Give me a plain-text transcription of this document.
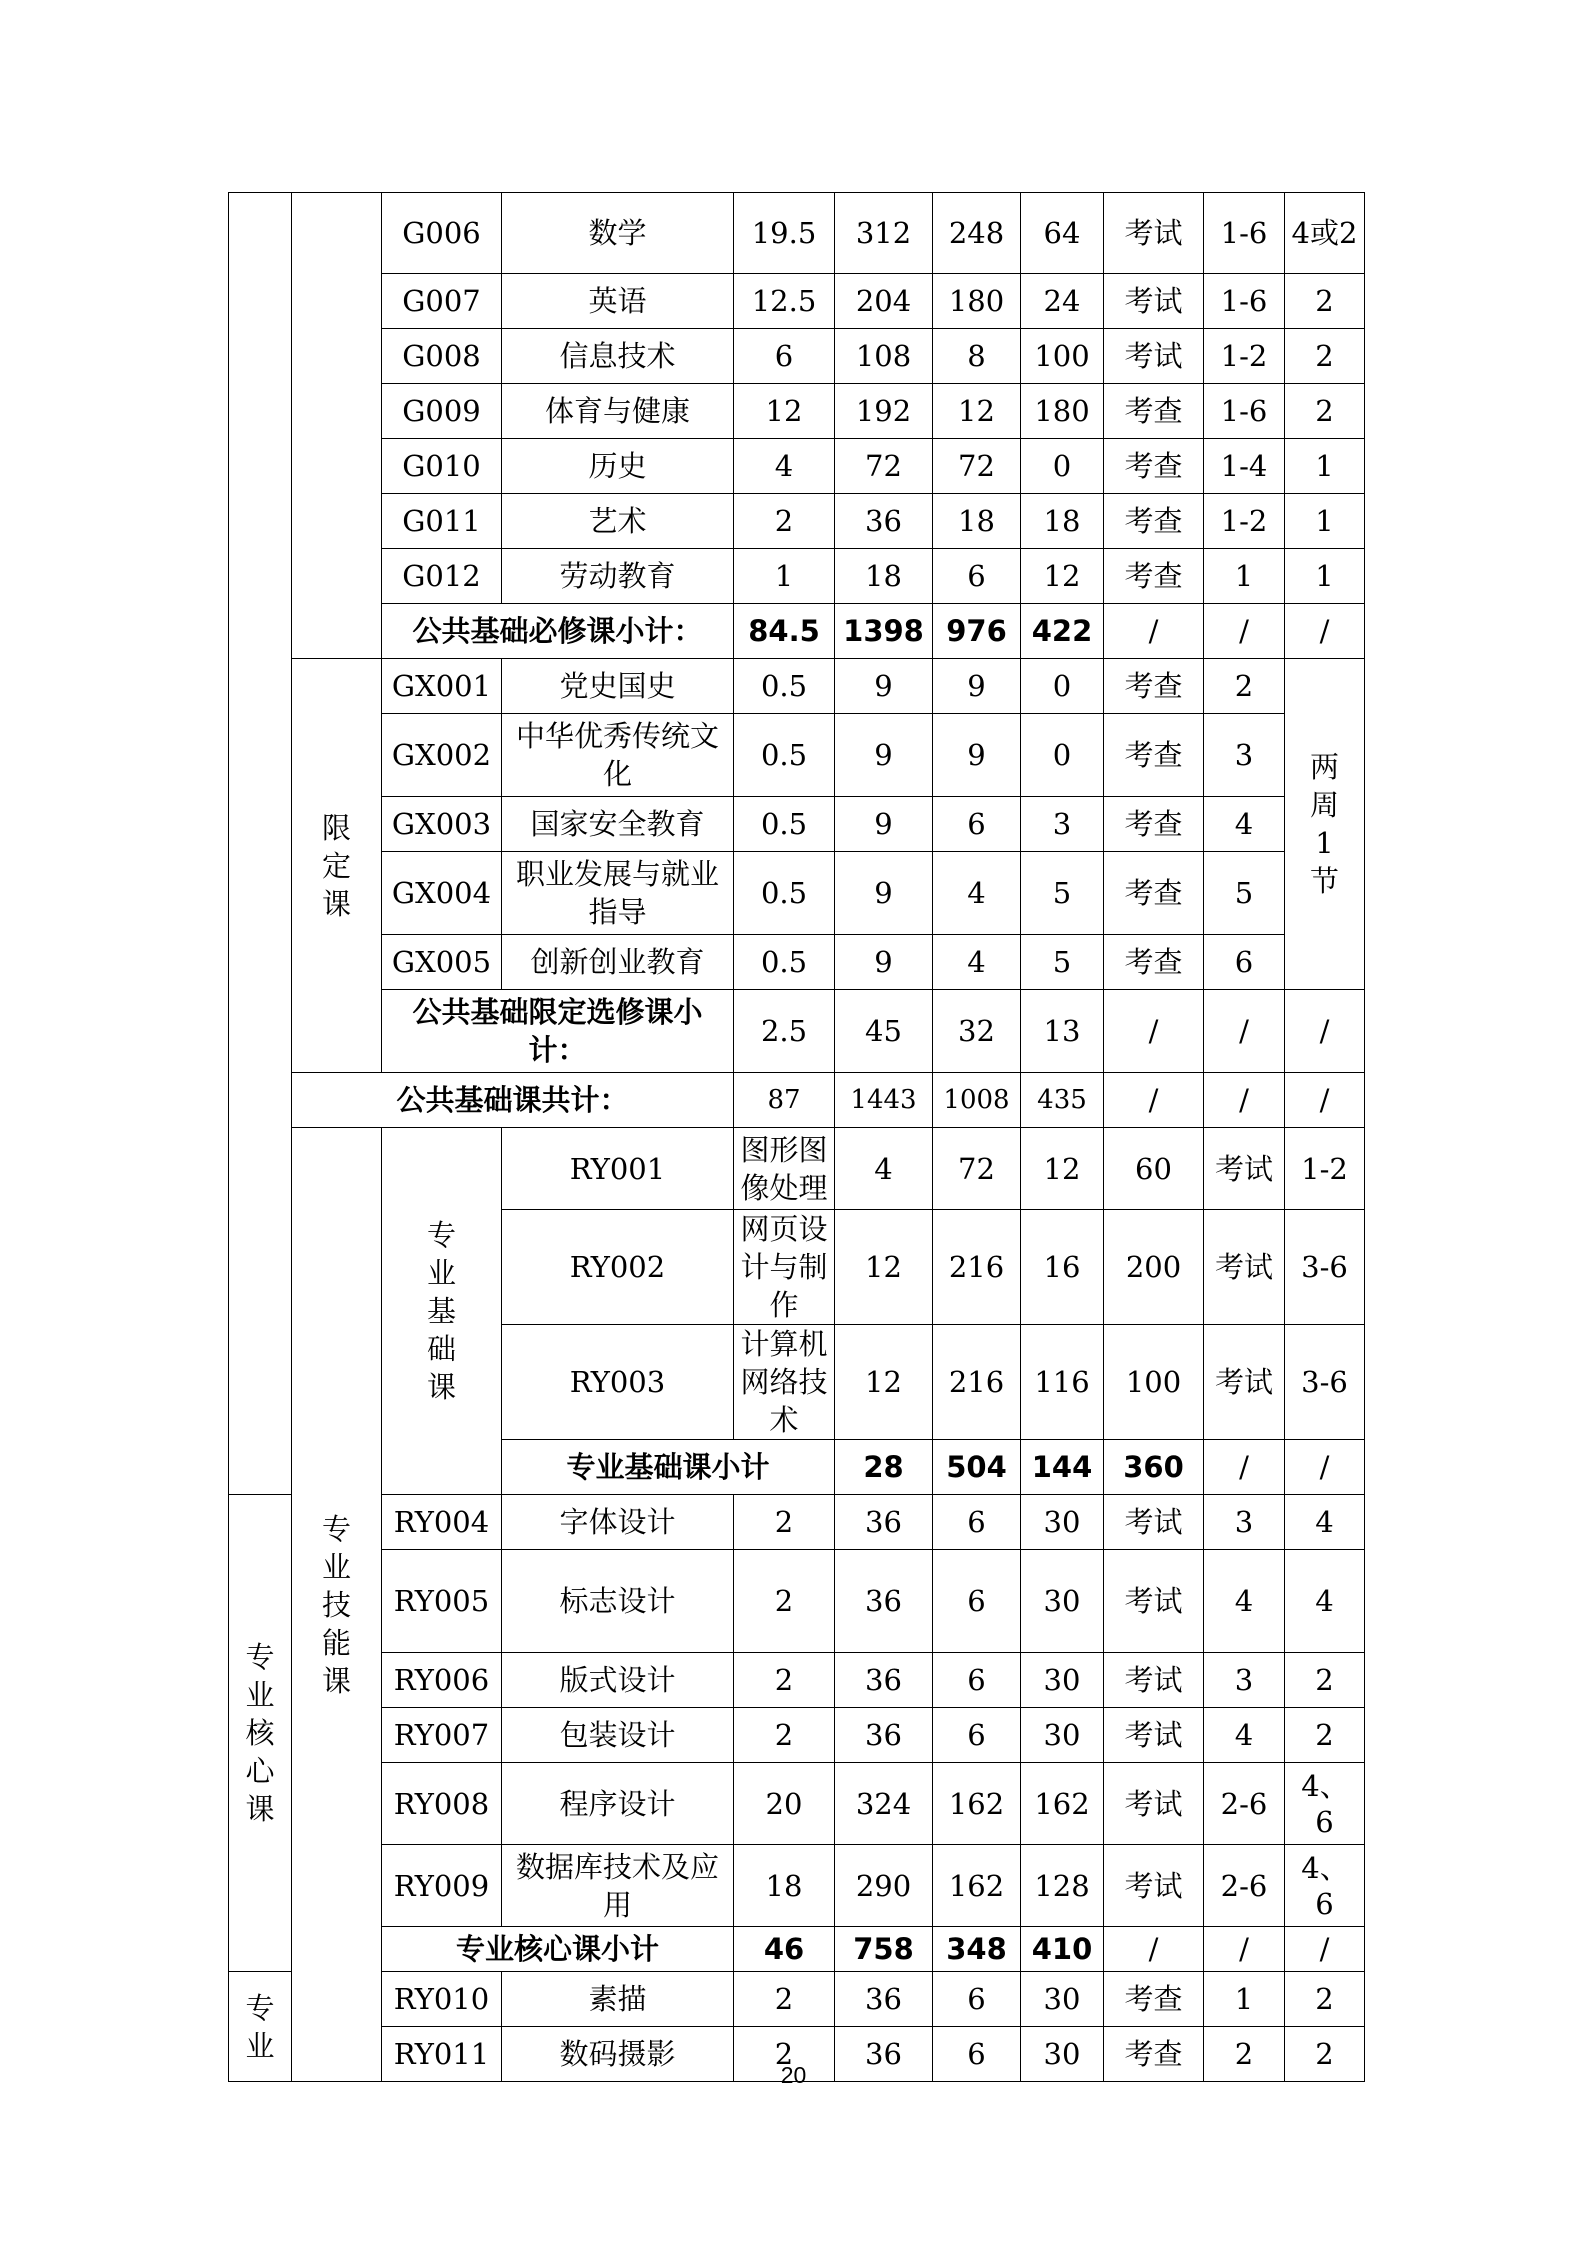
		G006	数学	19.5	312	248	64	考试	1-6	4或2	
		G007	英语	12.5	204	180	24	考试	1-6	2	
		G008	信息技术	6	108	8	100	考试	1-2	2	
		G009	体育与健康	12	192	12	180	考查	1-6	2	
		G010	历史	4	72	72	0	考查	1-4	1	
		G011	艺术	2	36	18	18	考查	1-2	1	
		G012	劳动教育	1	18	6	12	考查	1	1	
		公共基础必修课小计：		84.5	1398	976	422	/	/	/	
	限定课	GX001	党史国史	0.5	9	9	0	考查	2	两周1节	
		GX002	中华优秀传统文化	0.5	9	9	0	考查	3		
		GX003	国家安全教育	0.5	9	6	3	考查	4		
		GX004	职业发展与就业指导	0.5	9	4	5	考查	5		
		GX005	创新创业教育	0.5	9	4	5	考查	6		
		公共基础限定选修课小计：		2.5	45	32	13	/	/	/	
	公共基础课共计：			87	1443	1008	435	/	/	/	
	专业技能课	专业基础课	RY001	图形图像处理	4	72	12	60	考试	1-2	
			RY002	网页设计与制作	12	216	16	200	考试	3-6	
			RY003	计算机网络技术	12	216	116	100	考试	3-6	
			专业基础课小计		28	504	144	360	/	/	
专业核心课		RY004	字体设计	2	36	6	30	考试	3	4	
		RY005	标志设计	2	36	6	30	考试	4	4	
		RY006	版式设计	2	36	6	30	考试	3	2	
		RY007	包装设计	2	36	6	30	考试	4	2	
		RY008	程序设计	20	324	162	162	考试	2-6	4、6	
		RY009	数据库技术及应用	18	290	162	128	考试	2-6	4、6	
		专业核心课小计		46	758	348	410	/	/	/	
专业		RY010	素描	2	36	6	30	考查	1	2	
		RY011	数码摄影	2	36	6	30	考查	2	2	
20
